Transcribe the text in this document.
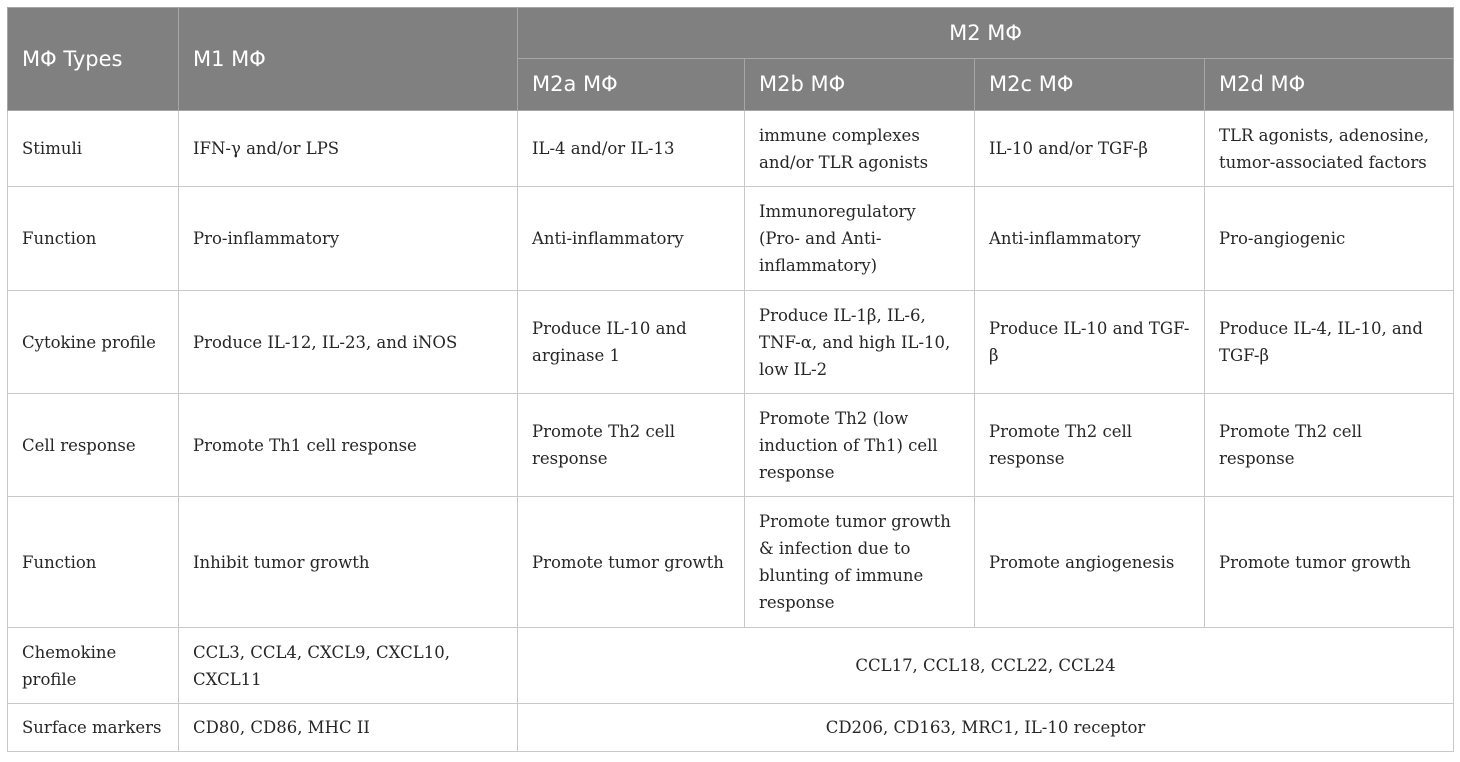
MΦ Types	M1 MΦ	M2 MΦ			
		M2a MΦ	M2b MΦ	M2c MΦ	M2d MΦ
Stimuli	IFN-γ and/or LPS	IL-4 and/or IL-13	immune complexes and/or TLR agonists	IL-10 and/or TGF-β	TLR agonists, adenosine, tumor-associated factors
Function	Pro-inflammatory	Anti-inflammatory	Immunoregulatory (Pro- and Anti-inflammatory)	Anti-inflammatory	Pro-angiogenic
Cytokine profile	Produce IL-12, IL-23, and iNOS	Produce IL-10 and arginase 1	Produce IL-1β, IL-6, TNF-α, and high IL-10, low IL-2	Produce IL-10 and TGF-β	Produce IL-4, IL-10, and TGF-β
Cell response	Promote Th1 cell response	Promote Th2 cell response	Promote Th2 (low induction of Th1) cell response	Promote Th2 cell response	Promote Th2 cell response
Function	Inhibit tumor growth	Promote tumor growth	Promote tumor growth & infection due to blunting of immune response	Promote angiogenesis	Promote tumor growth
Chemokine profile	CCL3, CCL4, CXCL9, CXCL10, CXCL11	CCL17, CCL18, CCL22, CCL24			
Surface markers	CD80, CD86, MHC II	CD206, CD163, MRC1, IL-10 receptor			
